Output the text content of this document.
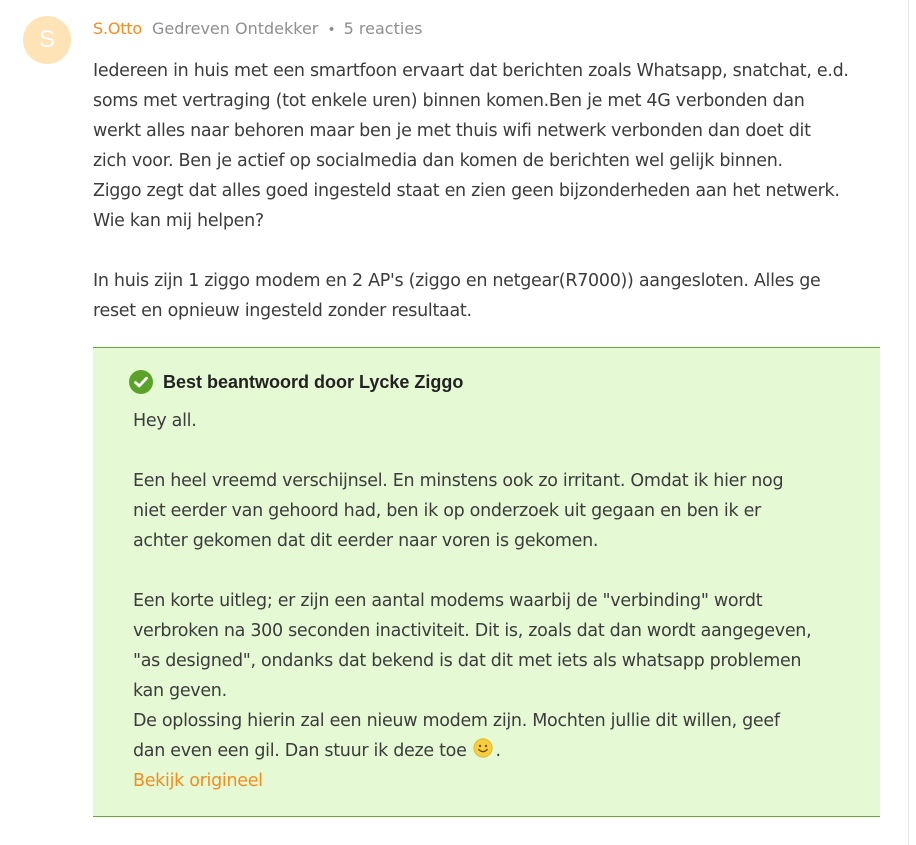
S	S.Otto Gedreven Ontdekker • 5 reacties

Iedereen in huis met een smartfoon ervaart dat berichten zoals Whatsapp, snatchat, e.d.
soms met vertraging (tot enkele uren) binnen komen.Ben je met 4G verbonden dan
werkt alles naar behoren maar ben je met thuis wifi netwerk verbonden dan doet dit
zich voor. Ben je actief op socialmedia dan komen de berichten wel gelijk binnen.
Ziggo zegt dat alles goed ingesteld staat en zien geen bijzonderheden aan het netwerk.
Wie kan mij helpen?

In huis zijn 1 ziggo modem en 2 AP's (ziggo en netgear(R7000)) aangesloten. Alles ge
reset en opnieuw ingesteld zonder resultaat.

Best beantwoord door Lycke Ziggo

Hey all.

Een heel vreemd verschijnsel. En minstens ook zo irritant. Omdat ik hier nog
niet eerder van gehoord had, ben ik op onderzoek uit gegaan en ben ik er
achter gekomen dat dit eerder naar voren is gekomen.

Een korte uitleg; er zijn een aantal modems waarbij de "verbinding" wordt
verbroken na 300 seconden inactiviteit. Dit is, zoals dat dan wordt aangegeven,
"as designed", ondanks dat bekend is dat dit met iets als whatsapp problemen
kan geven.

De oplossing hierin zal een nieuw modem zijn. Mochten jullie dit willen, geef
dan even een gil. Dan stuur ik deze toe .

Bekijk origineel
